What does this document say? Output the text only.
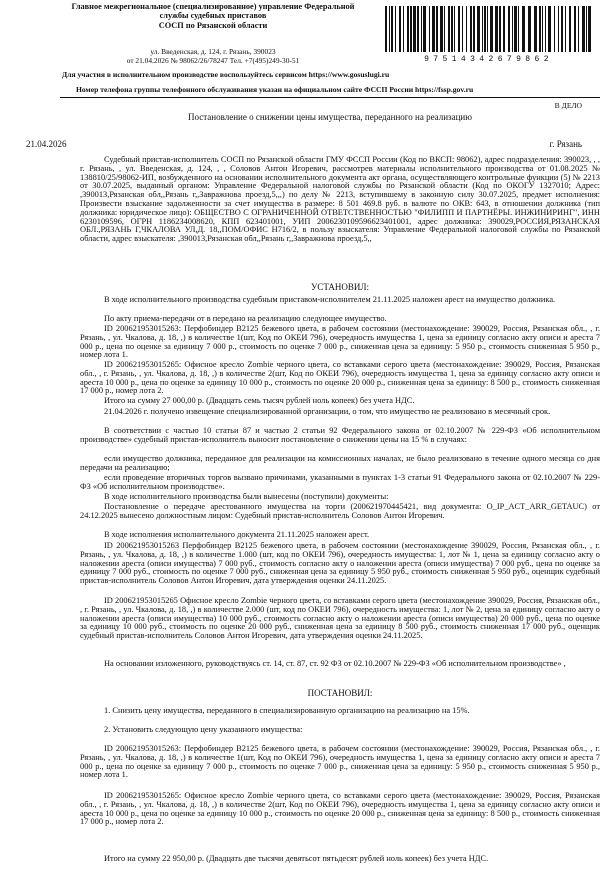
Главное межрегиональное (специализированное) управление Федеральной
службы судебных приставов
СОСП по Рязанской области
ул. Введенская, д. 124, г. Рязань, 390023
от 21.04.2026 № 98062/26/78247 Тел. +7(495)249-30-51	97514342679862
Для участия в исполнительном производстве воспользуйтесь сервисом https://www.gosuslugi.ru
Номер телефона группы телефонного обслуживания указан на официальном сайте ФССП России https://fssp.gov.ru
В ДЕЛО
Постановление о снижении цены имущества, переданного на реализацию
21.04.2026	г. Рязань

Судебный пристав-исполнитель СОСП по Рязанской области ГМУ ФССП России (Код по ВКСП: 98062), адрес подразделения: 390023, , , г. Рязань, , ул. Введенская, д. 124, , , Соловов Антон Игоревич, рассмотрев материалы исполнительного производства от 01.08.2025 № 138810/25/98062-ИП, возбужденного на основании исполнительного документа акт органа, осуществляющего контрольные функции (5) № 2213 от 30.07.2025, выданный органом: Управление Федеральной налоговой службы по Рязанской области (Код по ОКОГУ 1327010; Адрес: ,390013,Рязанская обл,,Рязань г,,Завражнова проезд,5,,,) по делу № 2213, вступившему в законную силу 30.07.2025, предмет исполнения: Произвести взыскание задолженности за счет имущества в размере: 8 501 469.8 руб. в валюте по ОКВ: 643, в отношении должника (тип должника: юридическое лицо): ОБЩЕСТВО С ОГРАНИЧЕННОЙ ОТВЕТСТВЕННОСТЬЮ "ФИЛИПП И ПАРТНЁРЫ. ИНЖИНИРИНГ", ИНН 6230109596, ОГРН 1186234008620, КПП 623401001, УИП 2006230109596623401001, адрес должника: 390029,РОССИЯ,РЯЗАНСКАЯ ОБЛ.,РЯЗАНЬ Г,ЧКАЛОВА УЛ,Д. 18,,ПОМ/ОФИС Н716/2, в пользу взыскателя: Управление Федеральной налоговой службы по Рязанской области, адрес взыскателя: ,390013,Рязанская обл,,Рязань г,,Завражнова проезд,5,,

УСТАНОВИЛ:

В ходе исполнительного производства судебным приставом-исполнителем 21.11.2025 наложен арест на имущество должника.

По акту приема-передачи от в передано на реализацию следующее имущество.

ID 200621953015263: Перфобиндер B2125 бежевого цвета, в рабочем состоянии (местонахождение: 390029, Россия, Рязанская обл., , г. Рязань, , ул. Чкалова, д. 18, ,) в количестве 1(шт, Код по ОКЕИ 796), очередность имущества 1, цена за единицу согласно акту описи и ареста 7 000 р., цена по оценке за единицу 7 000 р., стоимость по оценке 7 000 р., сниженная цена за единицу: 5 950 р., стоимость сниженная 5 950 р., номер лота 1.

ID 200621953015265: Офисное кресло Zombie черного цвета, со вставками серого цвета (местонахождение: 390029, Россия, Рязанская обл., , г. Рязань, , ул. Чкалова, д. 18, ,) в количестве 2(шт, Код по ОКЕИ 796), очередность имущества 1, цена за единицу согласно акту описи и ареста 10 000 р., цена по оценке за единицу 10 000 р., стоимость по оценке 20 000 р., сниженная цена за единицу: 8 500 р., стоимость сниженная 17 000 р., номер лота 2.

Итого на сумму 27 000,00 р. (Двадцать семь тысяч рублей ноль копеек) без учета НДС.

21.04.2026 г. получено извещение специализированной организации, о том, что имущество не реализовано в месячный срок.

В соответствии с частью 10 статьи 87 и частью 2 статьи 92 Федерального закона от 02.10.2007 № 229-ФЗ «Об исполнительном производстве» судебный пристав-исполнитель выносит постановление о снижении цены на 15 % в случаях:

если имущество должника, переданное для реализации на комиссионных началах, не было реализовано в течение одного месяца со дня передачи на реализацию;

если проведение вторичных торгов вызвано причинами, указанными в пунктах 1-3 статьи 91 Федерального закона от 02.10.2007 № 229-ФЗ «Об исполнительном производстве».

В ходе исполнительного производства были вынесены (поступили) документы:

Постановление о передаче арестованного имущества на торги (200621970445421, вид документа: O_IP_ACT_ARR_GETAUC) от 24.12.2025 вынесено должностным лицом: Судебный пристав-исполнитель Соловов Антон Игоревич.

В ходе исполнения исполнительного документа 21.11.2025 наложен арест.

ID 200621953015263 Перфобиндер B2125 бежевого цвета, в рабочем состоянии (местонахождение 390029, Россия, Рязанская обл., , г. Рязань, , ул. Чкалова, д. 18, ,) в количестве 1.000 (шт, код по ОКЕИ 796), очередность имущества: 1, лот № 1, цена за единицу согласно акту о наложении ареста (описи имущества) 7 000 руб., стоимость согласно акту о наложении ареста (описи имущества) 7 000 руб., цена по оценке за единицу 7 000 руб., стоимость по оценке 7 000 руб., сниженная цена за единицу 5 950 руб., стоимость сниженная 5 950 руб., оценщик судебный пристав-исполнитель Соловов Антон Игоревич, дата утверждения оценки 24.11.2025.

ID 200621953015265 Офисное кресло Zombie черного цвета, со вставками серого цвета (местонахождение 390029, Россия, Рязанская обл., , г. Рязань, , ул. Чкалова, д. 18, ,) в количестве 2.000 (шт, код по ОКЕИ 796), очередность имущества: 1, лот № 2, цена за единицу согласно акту о наложении ареста (описи имущества) 10 000 руб., стоимость согласно акту о наложении ареста (описи имущества) 20 000 руб., цена по оценке за единицу 10 000 руб., стоимость по оценке 20 000 руб., сниженная цена за единицу 8 500 руб., стоимость сниженная 17 000 руб., оценщик судебный пристав-исполнитель Соловов Антон Игоревич, дата утверждения оценки 24.11.2025.

На основании изложенного, руководствуясь ст. 14, ст. 87, ст. 92 ФЗ от 02.10.2007 № 229-ФЗ «Об исполнительном производстве» ,

ПОСТАНОВИЛ:

1. Снизить цену имущества, переданного в специализированную организацию на реализацию на 15%.

2. Установить следующую цену указанного имущества:

ID 200621953015263: Перфобиндер B2125 бежевого цвета, в рабочем состоянии (местонахождение: 390029, Россия, Рязанская обл., , г. Рязань, , ул. Чкалова, д. 18, ,) в количестве 1(шт, Код по ОКЕИ 796), очередность имущества 1, цена за единицу согласно акту описи и ареста 7 000 р., цена по оценке за единицу 7 000 р., стоимость по оценке 7 000 р., сниженная цена за единицу: 5 950 р., стоимость сниженная 5 950 р., номер лота 1.

ID 200621953015265: Офисное кресло Zombie черного цвета, со вставками серого цвета (местонахождение: 390029, Россия, Рязанская обл., , г. Рязань, , ул. Чкалова, д. 18, ,) в количестве 2(шт, Код по ОКЕИ 796), очередность имущества 1, цена за единицу согласно акту описи и ареста 10 000 р., цена по оценке за единицу 10 000 р., стоимость по оценке 20 000 р., сниженная цена за единицу: 8 500 р., стоимость сниженная 17 000 р., номер лота 2.

Итого на сумму 22 950,00 р. (Двадцать две тысячи девятьсот пятьдесят рублей ноль копеек) без учета НДС.
